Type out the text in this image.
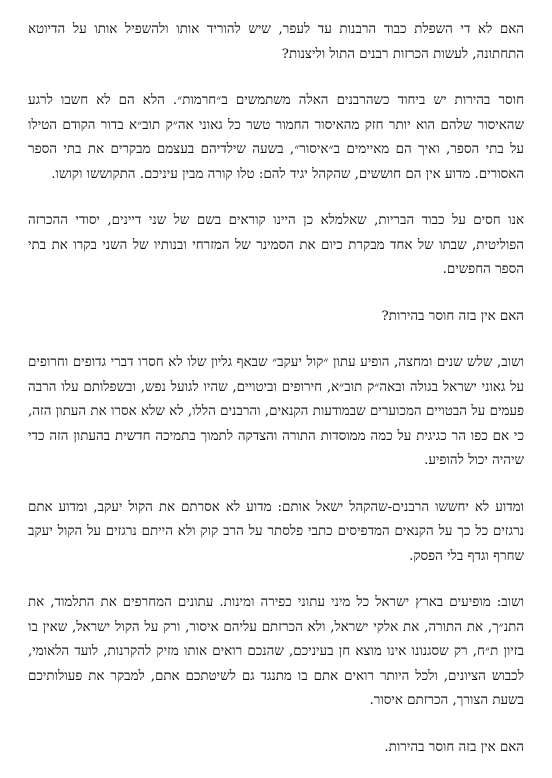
האם לא די השפלת כבוד הרבנות עד לעפר, שיש להוריד אותו ולהשפיל אותו על הדיוטא התחתונה, לעשות הכרזות רבנים התול וליצנות?

חוסר בהירות יש ביחוד כשהרבנים האלה משתמשים ב״חרמות״. הלא הם לא חשבו לרגע שהאיסור שלהם הוא יותר חזק מהאיסור החמור טשר כל גאוני אה״ק תוב״א בדור הקודם הטילו על בתי הספר, ואיך הם מאיימים ב״איסור״, בשעה שילדיהם בעצמם מבקרים את בתי הספר האסורים. מדוע אין הם חוששים, שהקהל יגיד להם: טלו קורה מבין עיניכם. התקוששו וקושו.

אנו חסים על כבוד הבריות, שאלמלא כן היינו קוראים בשם של שני דיינים, יסודי ההכרזה הפוליטית, שבתו של אחד מבקרת כיום את הסמינר של המזרחי ובנותיו של השני בקרו את בתי הספר החפשים.

האם אין בזה חוסר בהירות?

ושוב, שלש שנים ומחצה, הופיע עתון ״קול יעקב״ שבאף גליון שלו לא חסרו דברי גדופים וחרופים על גאוני ישראל בגולה ובאה״ק תוב״א, חירופים וביטויים, שהיו לגועל נפש, ובשפלותם עלו הרבה פעמים על הבטויים המכוערים שבמודעות הקנאים, והרבנים הללו, לא שלא אסרו את העתון הזה, כי אם כפו הר כגיגית על כמה ממוסדות התורה והצדקה לתמוך בתמיכה חדשית בהעתון הזה כדי שיהיה יכול להופיע.

ומדוע לא יחששו הרבנים-שהקהל ישאל אותם: מדוע לא אסרתם את הקול יעקב, ומדוע אתם נרגזים כל כך על הקנאים המדפיסים כתבי פלסתר על הרב קוק ולא הייתם נרגזים על הקול יעקב שחרף וגדף בלי הפסק.

ושוב: מופיעים בארץ ישראל כל מיני עתוני כפירה ומינות. עתונים המחרפים את התלמוד, את התנ״ך, את התורה, את אלקי ישראל, ולא הכרזתם עליהם איסור, ורק על הקול ישראל, שאין בו בזיון ת״ח, רק שסגנונו אינו מוצא חן בעיניכם, שהנכם רואים אותו מזיק להקרנות, לועד הלאומי, לכבוש הציונים, ולכל היותר רואים אתם בו מתנגד גם לשיטתכם אתם, למבקר את פעולותיכם בשעת הצורך, הכרזתם איסור.

האם אין בזה חוסר בהירות.
